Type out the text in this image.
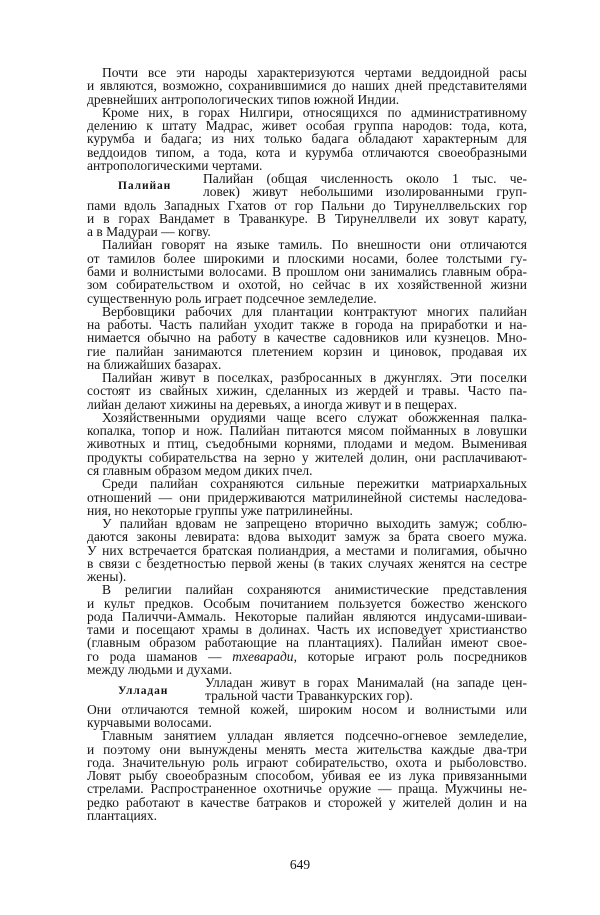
Почти все эти народы характеризуются чертами веддоидной расы
и являются, возможно, сохранившимися до наших дней представителями
древнейших антропологических типов южной Индии.
Кроме них, в горах Нилгири, относящихся по административному
делению к штату Мадрас, живет особая группа народов: тода, кота,
курумба и бадага; из них только бадага обладают характерным для
веддоидов типом, а тода, кота и курумба отличаются своеобразными
антропологическими чертами.
Палийан (общая численность около 1 тыс. че-
ловек) живут небольшими изолированными груп-
пами вдоль Западных Гхатов от гор Пальни до Тирунеллвельских гор
и в горах Вандамет в Траванкуре. В Тирунеллвели их зовут карату,
а в Мадураи — когву.
Палийан говорят на языке тамиль. По внешности они отличаются
от тамилов более широкими и плоскими носами, более толстыми гу-
бами и волнистыми волосами. В прошлом они занимались главным обра-
зом собирательством и охотой, но сейчас в их хозяйственной жизни
существенную роль играет подсечное земледелие.
Вербовщики рабочих для плантации контрактуют многих палийан
на работы. Часть палийан уходит также в города на приработки и на-
нимается обычно на работу в качестве садовников или кузнецов. Мно-
гие палийан занимаются плетением корзин и циновок, продавая их
на ближайших базарах.
Палийан живут в поселках, разбросанных в джунглях. Эти поселки
состоят из свайных хижин, сделанных из жердей и травы. Часто па-
лийан делают хижины на деревьях, а иногда живут и в пещерах.
Хозяйственными орудиями чаще всего служат обожженная палка-
копалка, топор и нож. Палийан питаются мясом пойманных в ловушки
животных и птиц, съедобными корнями, плодами и медом. Выменивая
продукты собирательства на зерно у жителей долин, они расплачивают-
ся главным образом медом диких пчел.
Среди палийан сохраняются сильные пережитки матриархальных
отношений — они придерживаются матрилинейной системы наследова-
ния, но некоторые группы уже патрилинейны.
У палийан вдовам не запрещено вторично выходить замуж; соблю-
даются законы левирата: вдова выходит замуж за брата своего мужа.
У них встречается братская полиандрия, а местами и полигамия, обычно
в связи с бездетностью первой жены (в таких случаях женятся на сестре
жены).
В религии палийан сохраняются анимистические представления
и культ предков. Особым почитанием пользуется божество женского
рода Паличчи-Аммаль. Некоторые палийан являются индусами-шиваи-
тами и посещают храмы в долинах. Часть их исповедует христианство
(главным образом работающие на плантациях). Палийан имеют свое-
го рода шаманов — тхеваради, которые играют роль посредников
между людьми и духами.
Улладан живут в горах Манималай (на западе цен-
тральной части Траванкурских гор).
Они отличаются темной кожей, широким носом и волнистыми или
курчавыми волосами.
Главным занятием улладан является подсечно-огневое земледелие,
и поэтому они вынуждены менять места жительства каждые два-три
года. Значительную роль играют собирательство, охота и рыболовство.
Ловят рыбу своеобразным способом, убивая ее из лука привязанными
стрелами. Распространенное охотничье оружие — праща. Мужчины не-
редко работают в качестве батраков и сторожей у жителей долин и на
плантациях.
Палийан
Улладан
649
